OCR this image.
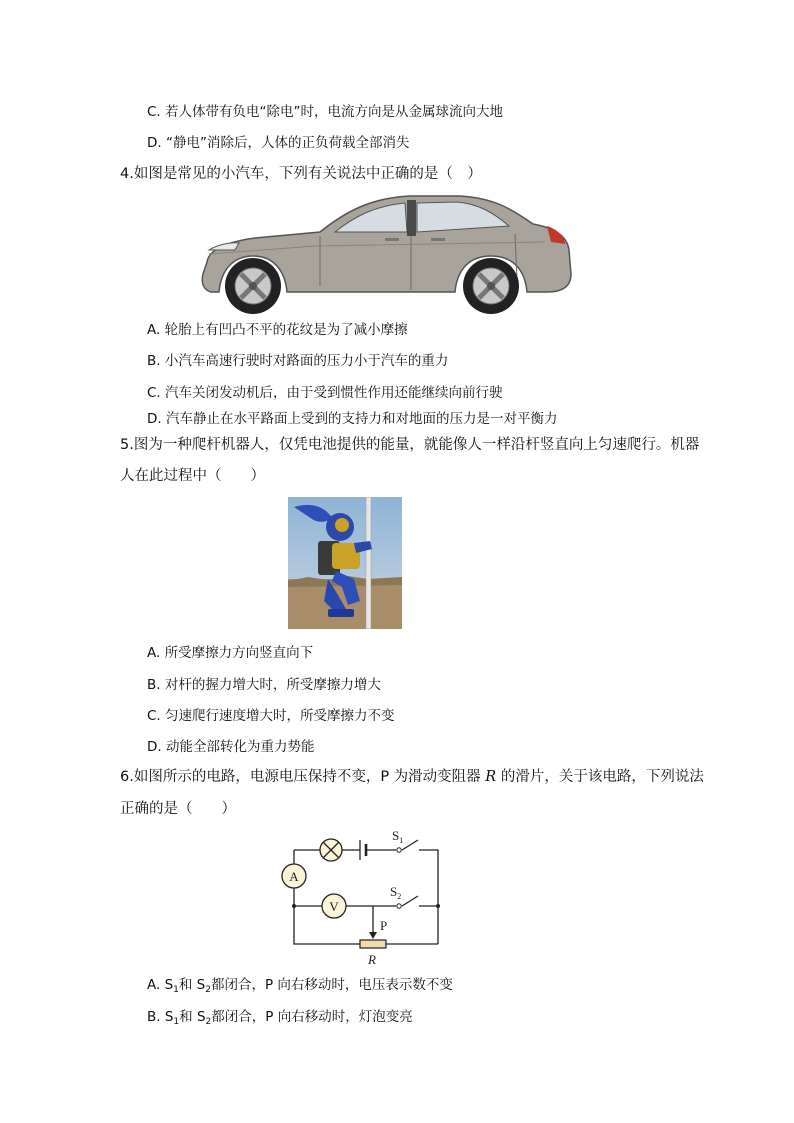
C. 若人体带有负电“除电”时，电流方向是从金属球流向大地
D. “静电”消除后，人体的正负荷载全部消失
4.如图是常见的小汽车，下列有关说法中正确的是（　）
A. 轮胎上有凹凸不平的花纹是为了减小摩擦
B. 小汽车高速行驶时对路面的压力小于汽车的重力
C. 汽车关闭发动机后，由于受到惯性作用还能继续向前行驶
D. 汽车静止在水平路面上受到的支持力和对地面的压力是一对平衡力
5.图为一种爬杆机器人，仅凭电池提供的能量，就能像人一样沿杆竖直向上匀速爬行。机器
人在此过程中（　　）
A. 所受摩擦力方向竖直向下
B. 对杆的握力增大时，所受摩擦力增大
C. 匀速爬行速度增大时，所受摩擦力不变
D. 动能全部转化为重力势能
6.如图所示的电路，电源电压保持不变，P 为滑动变阻器 R 的滑片，关于该电路，下列说法
正确的是（　　）
A
V
$S_1$
$S_2$
P
R
A. $S_1$和 $S_2$都闭合，P 向右移动时，电压表示数不变
B. $S_1$和 $S_2$都闭合，P 向右移动时，灯泡变亮
